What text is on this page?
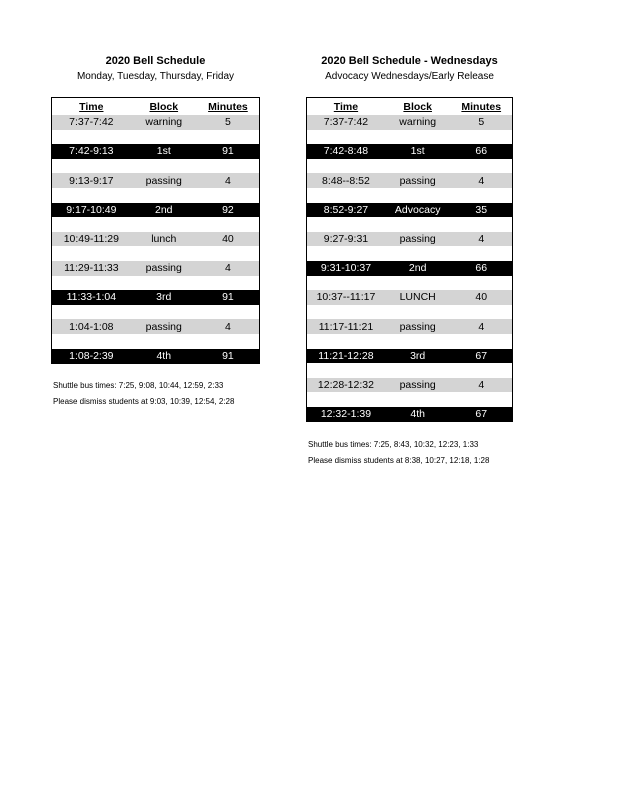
2020 Bell Schedule
Monday, Tuesday, Thursday, Friday
Time	Block	Minutes
7:37-7:42	warning	5
7:42-9:13	1st	91
9:13-9:17	passing	4
9:17-10:49	2nd	92
10:49-11:29	lunch	40
11:29-11:33	passing	4
11:33-1:04	3rd	91
1:04-1:08	passing	4
1:08-2:39	4th	91
Shuttle bus times: 7:25, 9:08, 10:44, 12:59, 2:33
Please dismiss students at 9:03, 10:39, 12:54, 2:28
2020 Bell Schedule - Wednesdays
Advocacy Wednesdays/Early Release
Time	Block	Minutes
7:37-7:42	warning	5
7:42-8:48	1st	66
8:48--8:52	passing	4
8:52-9:27	Advocacy	35
9:27-9:31	passing	4
9:31-10:37	2nd	66
10:37--11:17	LUNCH	40
11:17-11:21	passing	4
11:21-12:28	3rd	67
12:28-12:32	passing	4
12:32-1:39	4th	67
Shuttle bus times: 7:25, 8:43, 10:32, 12:23, 1:33
Please dismiss students at 8:38, 10:27, 12:18, 1:28
